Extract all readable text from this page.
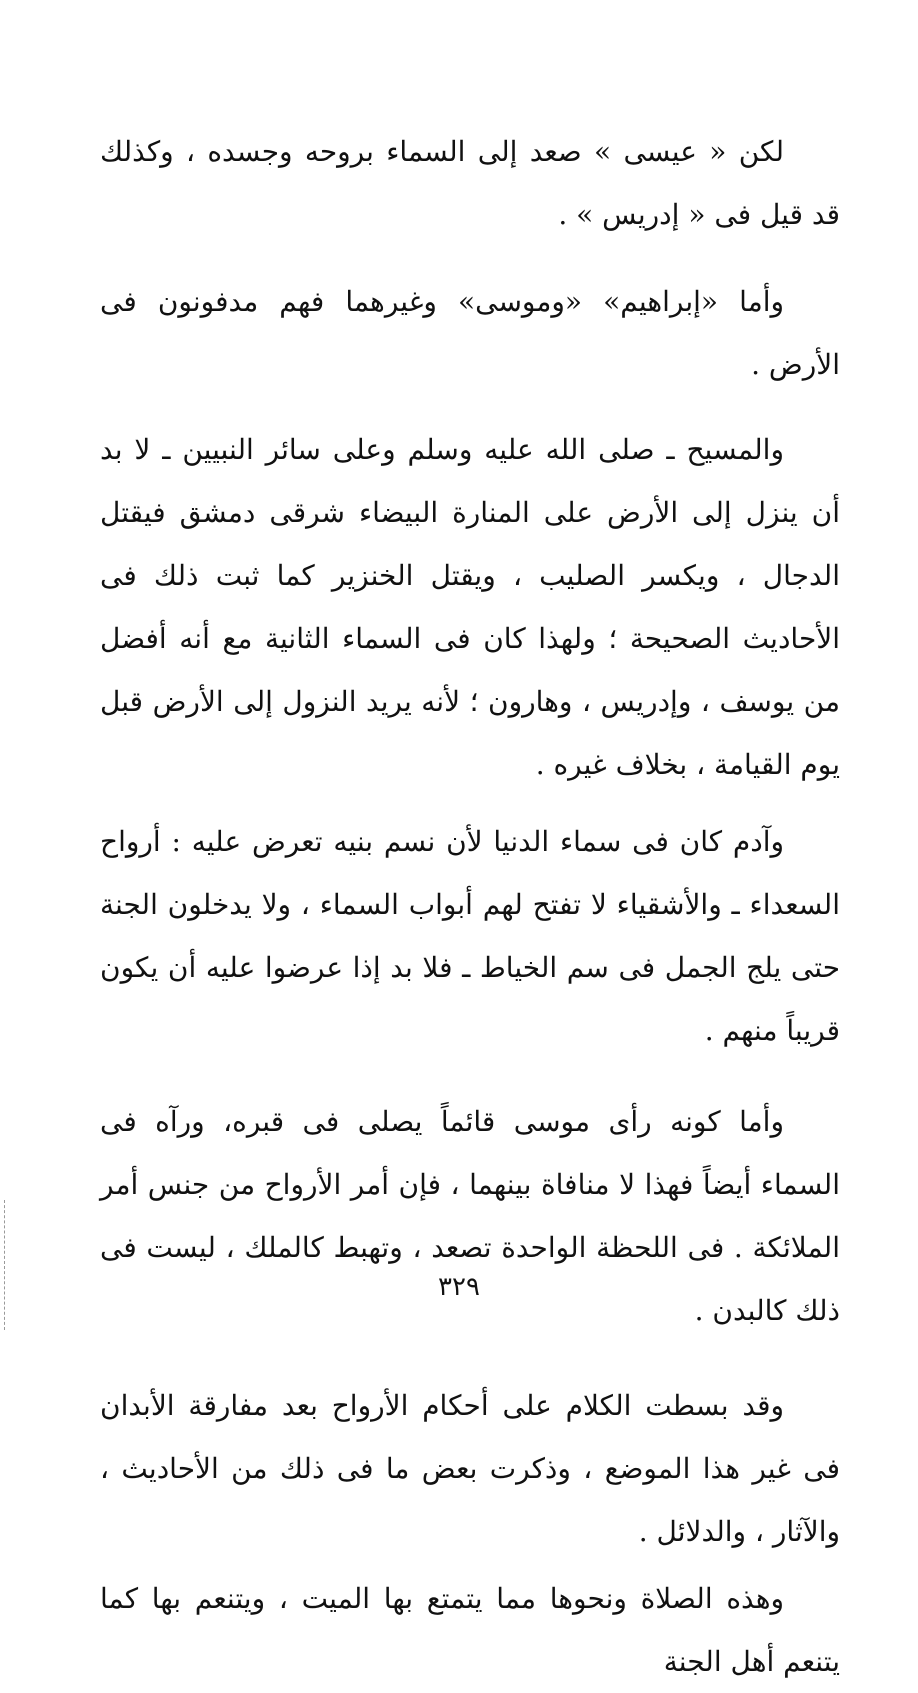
لكن « عيسى » صعد إلى السماء بروحه وجسده ، وكذلك قد قيل فى « إدريس » .

وأما «إبراهيم» «وموسى» وغيرهما فهم مدفونون فى الأرض .

والمسيح ـ صلى الله عليه وسلم وعلى سائر النبيين ـ لا بد أن ينزل إلى الأرض على المنارة البيضاء شرقى دمشق فيقتل الدجال ، ويكسر الصليب ، ويقتل الخنزير كما ثبت ذلك فى الأحاديث الصحيحة ؛ ولهذا كان فى السماء الثانية مع أنه أفضل من يوسف ، وإدريس ، وهارون ؛ لأنه يريد النزول إلى الأرض قبل يوم القيامة ، بخلاف غيره .

وآدم كان فى سماء الدنيا لأن نسم بنيه تعرض عليه : أرواح السعداء ـ والأشقياء لا تفتح لهم أبواب السماء ، ولا يدخلون الجنة حتى يلج الجمل فى سم الخياط ـ فلا بد إذا عرضوا عليه أن يكون قريباً منهم .

وأما كونه رأى موسى قائماً يصلى فى قبره، ورآه فى السماء أيضاً فهذا لا منافاة بينهما ، فإن أمر الأرواح من جنس أمر الملائكة . فى اللحظة الواحدة تصعد ، وتهبط كالملك ، ليست فى ذلك كالبدن .

وقد بسطت الكلام على أحكام الأرواح بعد مفارقة الأبدان فى غير هذا الموضع ، وذكرت بعض ما فى ذلك من الأحاديث ، والآثار ، والدلائل .

وهذه الصلاة ونحوها مما يتمتع بها الميت ، ويتنعم بها كما يتنعم أهل الجنة

٣٢٩
